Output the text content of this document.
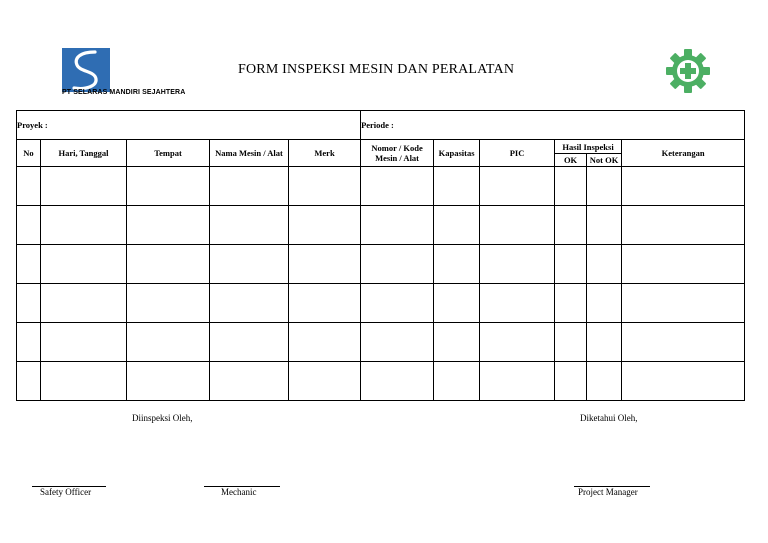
PT SELARAS MANDIRI SEJAHTERA
FORM INSPEKSI MESIN DAN PERALATAN
Proyek :					Periode :					
No	Hari, Tanggal	Tempat	Nama Mesin / Alat	Merk	Nomor / Kode Mesin / Alat	Kapasitas	PIC	Hasil Inspeksi		Keterangan
								OK	Not OK	

Diinspeksi Oleh,	Diketahui Oleh,
Safety Officer	Mechanic	Project Manager
